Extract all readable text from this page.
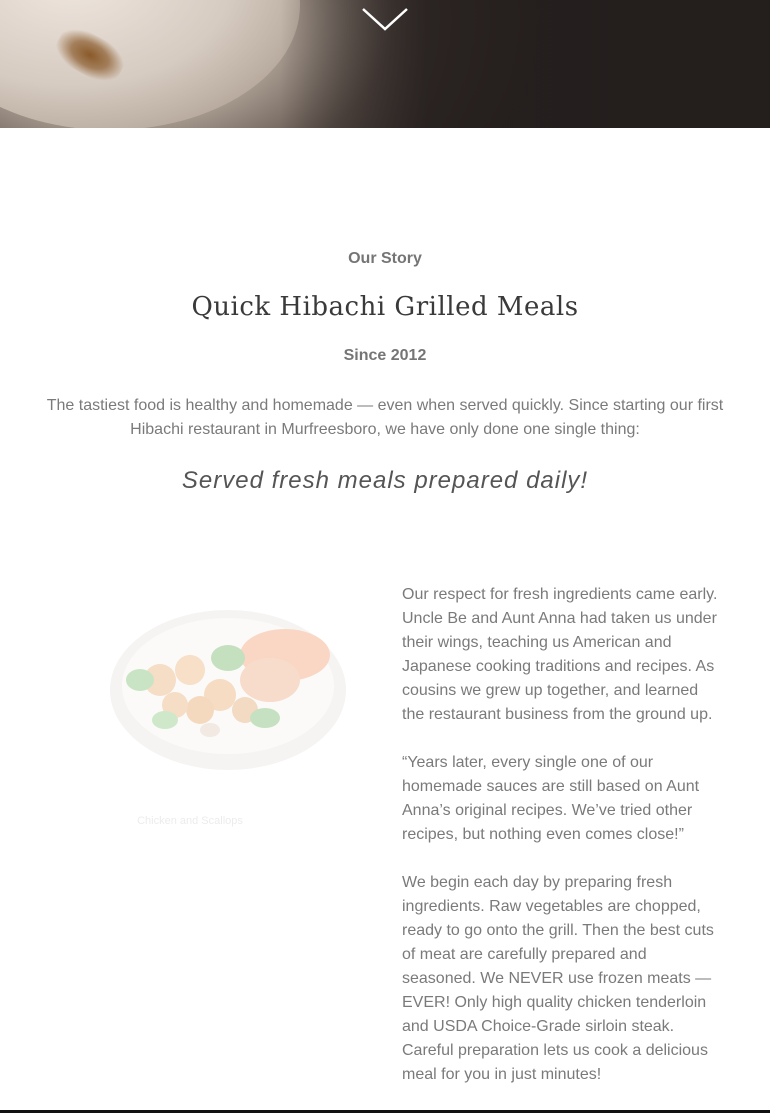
Our Story
Quick Hibachi Grilled Meals
Since 2012
The tastiest food is healthy and homemade — even when served quickly. Since starting our first Hibachi restaurant in Murfreesboro, we have only done one single thing:
Served fresh meals prepared daily!
Chicken and Scallops

Our respect for fresh ingredients came early. Uncle Be and Aunt Anna had taken us under their wings, teaching us American and Japanese cooking traditions and recipes. As cousins we grew up together, and learned the restaurant business from the ground up.

“Years later, every single one of our homemade sauces are still based on Aunt Anna’s original recipes. We’ve tried other recipes, but nothing even comes close!”

We begin each day by preparing fresh ingredients. Raw vegetables are chopped, ready to go onto the grill. Then the best cuts of meat are carefully prepared and seasoned. We NEVER use frozen meats — EVER! Only high quality chicken tenderloin and USDA Choice-Grade sirloin steak. Careful preparation lets us cook a delicious meal for you in just minutes!
